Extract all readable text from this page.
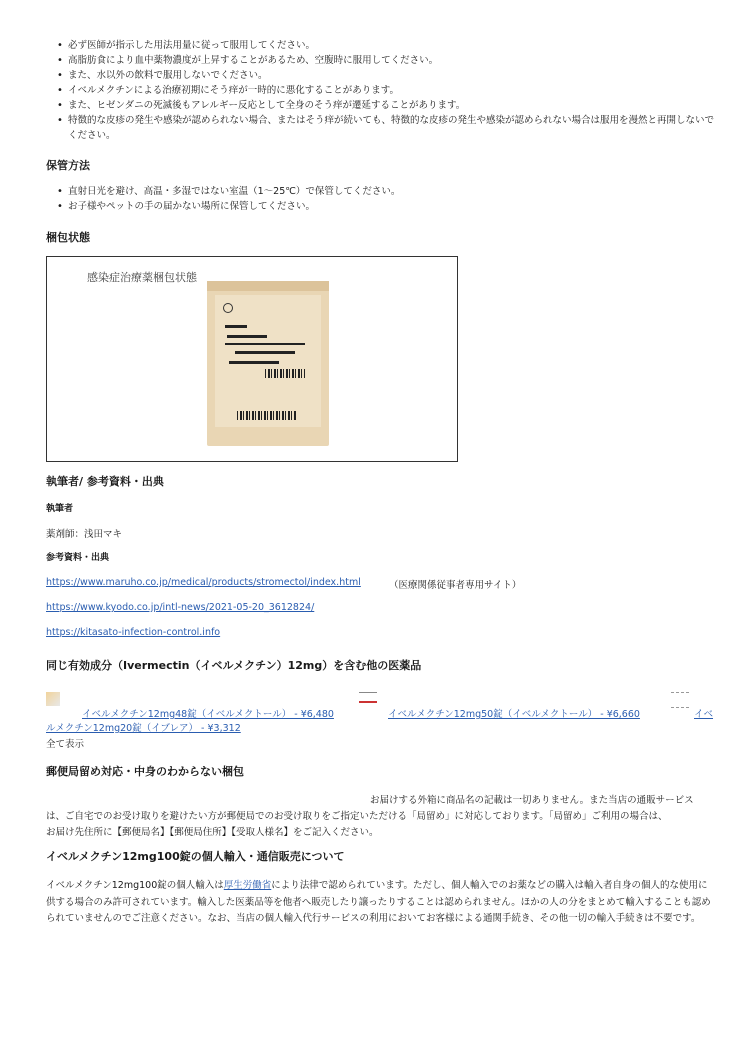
• 必ず医師が指示した用法用量に従って服用してください。
• 高脂肪食により血中薬物濃度が上昇することがあるため、空腹時に服用してください。
• また、水以外の飲料で服用しないでください。
• イベルメクチンによる治療初期にそう痒が一時的に悪化することがあります。
• また、ヒゼンダニの死滅後もアレルギー反応として全身のそう痒が遷延することがあります。
• 特徴的な皮疹の発生や感染が認められない場合、またはそう痒が続いても、特徴的な皮疹の発生や感染が認められない場合は服用を漫然と再開しないでください。
保管方法
• 直射日光を避け、高温・多湿ではない室温（1〜25℃）で保管してください。
• お子様やペットの手の届かない場所に保管してください。
梱包状態
感染症治療薬梱包状態
執筆者/ 参考資料・出典
執筆者
薬剤師：浅田マキ
参考資料・出典
https://www.maruho.co.jp/medical/products/stromectol/index.html	（医療関係従事者専用サイト）
https://www.kyodo.co.jp/intl-news/2021-05-20_3612824/
https://kitasato-infection-control.info
同じ有効成分（Ivermectin（イベルメクチン）12mg）を含む他の医薬品
イベルメクチン12mg48錠（イベルメクトール） - ¥6,480	イベルメクチン12mg50錠（イベルメクトール） - ¥6,660	イベ
ルメクチン12mg20錠（イブレア） - ¥3,312
全て表示
郵便局留め対応・中身のわからない梱包
お届けする外箱に商品名の記載は一切ありません。また当店の通販サービス
は、ご自宅でのお受け取りを避けたい方が郵便局でのお受け取りをご指定いただける「局留め」に対応しております。「局留め」ご利用の場合は、
お届け先住所に【郵便局名】【郵便局住所】【受取人様名】をご記入ください。
イベルメクチン12mg100錠の個人輸入・通信販売について

イベルメクチン12mg100錠の個人輸入は厚生労働省により法律で認められています。ただし、個人輸入でのお薬などの購入は輸入者自身の個人的な使用に供する場合のみ許可されています。輸入した医薬品等を他者へ販売したり譲ったりすることは認められません。ほかの人の分をまとめて輸入することも認められていませんのでご注意ください。なお、当店の個人輸入代行サービスの利用においてお客様による通関手続き、その他一切の輸入手続きは不要です。
